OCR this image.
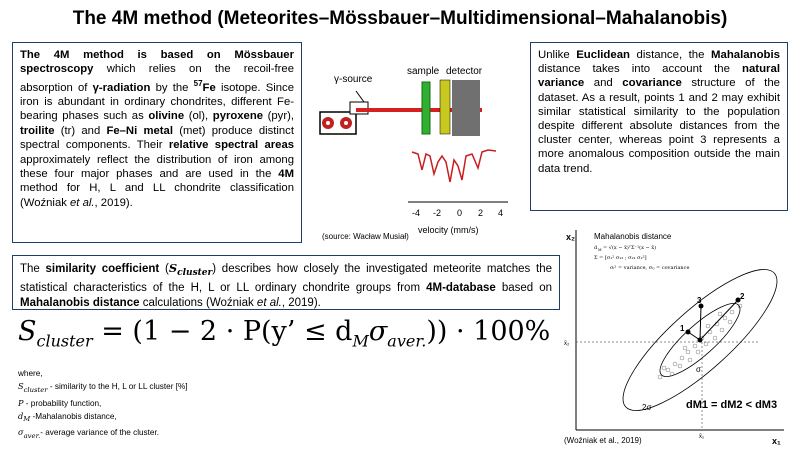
The 4M method (Meteorites–Mössbauer–Multidimensional–Mahalanobis)
The 4M method is based on Mössbauer spectroscopy which relies on the recoil-free absorption of γ-radiation by the $^{57}$Fe isotope. Since iron is abundant in ordinary chondrites, different Fe-bearing phases such as olivine (ol), pyroxene (pyr), troilite (tr) and Fe–Ni metal (met) produce distinct spectral components. Their relative spectral areas approximately reflect the distribution of iron among these four major phases and are used in the 4M method for H, L and LL chondrite classification (Woźniak et al., 2019).
Unlike Euclidean distance, the Mahalanobis distance takes into account the natural variance and covariance structure of the dataset. As a result, points 1 and 2 may exhibit similar statistical similarity to the population despite different absolute distances from the cluster center, whereas point 3 represents a more anomalous composition outside the main data trend.
The similarity coefficient $(S_{cluster})$ describes how closely the investigated meteorite matches the statistical characteristics of the H, L or LL ordinary chondrite groups from 4M-database based on Mahalanobis distance calculations (Woźniak et al., 2019).
$S_{cluster} = (1 - 2 \cdot P(y$’ ≤ $d_M\sigma_{aver.})) \cdot 100\%$
where,
$S_{cluster}$ - similarity to the H, L or LL cluster [%]
P - probability function,
$d_M$ -Mahalanobis distance,
$\sigma_{aver.}-$ average variance of the cluster.
γ-source
sample detector
-4 -2 0 2 4
velocity (mm/s)
(source: Wacław Musiał)	x₂
x₁
Mahalanobis distance
d M = √(x − x̄)ᵀΣ⁻¹(x − x̄)
Σ = [σ₁² σ₁₂ ; σ₂₁ σ₂²]
σᵢ² = variance, σᵢⱼ = covariance
x̄₂
x̄₁
1
2
3
σ
2σ	dM1 = dM2 < dM3
(Woźniak et al., 2019)
